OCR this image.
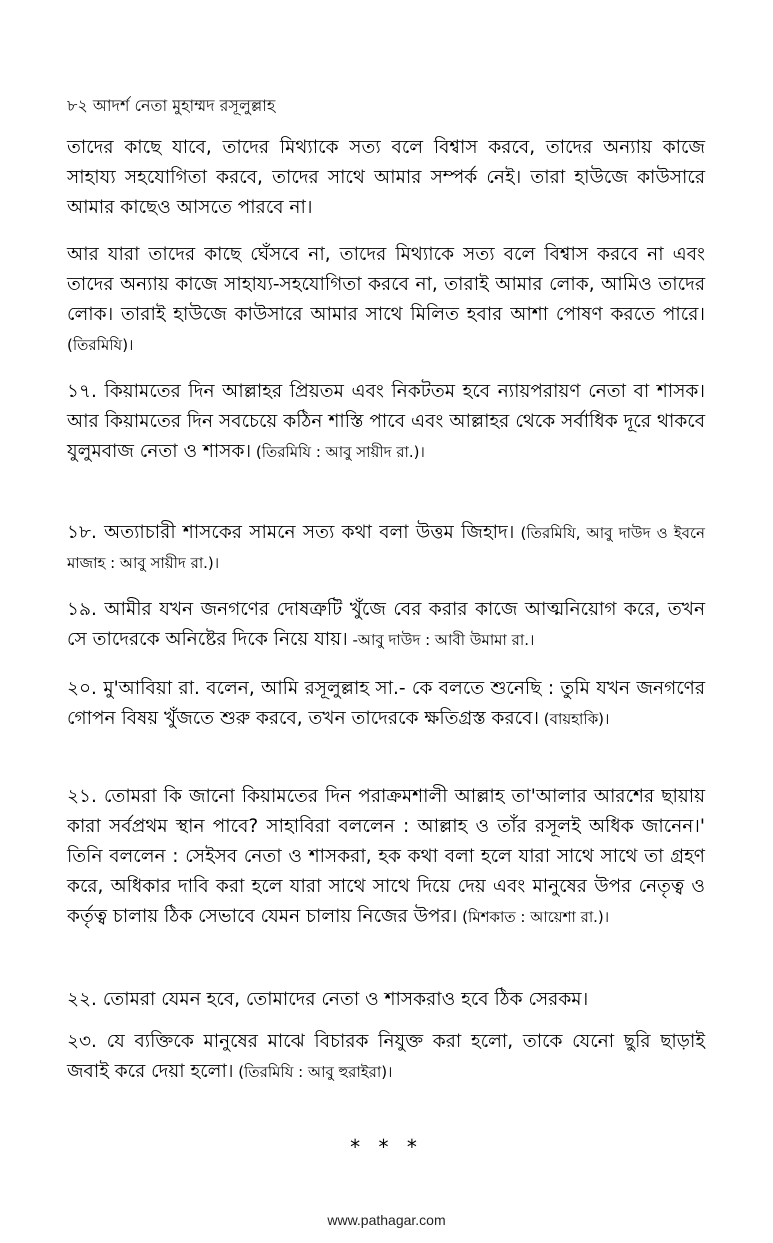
৮২ আদর্শ নেতা মুহাম্মদ রসূলুল্লাহ

তাদের কাছে যাবে, তাদের মিথ্যাকে সত্য বলে বিশ্বাস করবে, তাদের অন্যায় কাজে সাহায্য সহযোগিতা করবে, তাদের সাথে আমার সম্পর্ক নেই। তারা হাউজে কাউসারে আমার কাছেও আসতে পারবে না।

আর যারা তাদের কাছে ঘেঁসবে না, তাদের মিথ্যাকে সত্য বলে বিশ্বাস করবে না এবং তাদের অন্যায় কাজে সাহায্য-সহযোগিতা করবে না, তারাই আমার লোক, আমিও তাদের লোক। তারাই হাউজে কাউসারে আমার সাথে মিলিত হবার আশা পোষণ করতে পারে। (তিরমিযি)।

১৭. কিয়ামতের দিন আল্লাহর প্রিয়তম এবং নিকটতম হবে ন্যায়পরায়ণ নেতা বা শাসক। আর কিয়ামতের দিন সবচেয়ে কঠিন শাস্তি পাবে এবং আল্লাহর থেকে সর্বাধিক দূরে থাকবে যুলুমবাজ নেতা ও শাসক। (তিরমিযি : আবু সায়ীদ রা.)।

১৮. অত্যাচারী শাসকের সামনে সত্য কথা বলা উত্তম জিহাদ। (তিরমিযি, আবু দাউদ ও ইবনে মাজাহ : আবু সায়ীদ রা.)।

১৯. আমীর যখন জনগণের দোষত্রুটি খুঁজে বের করার কাজে আত্মনিয়োগ করে, তখন সে তাদেরকে অনিষ্টের দিকে নিয়ে যায়। -আবু দাউদ : আবী উমামা রা.।

২০. মু'আবিয়া রা. বলেন, আমি রসূলুল্লাহ সা.- কে বলতে শুনেছি : তুমি যখন জনগণের গোপন বিষয় খুঁজতে শুরু করবে, তখন তাদেরকে ক্ষতিগ্রস্ত করবে। (বায়হাকি)।

২১. তোমরা কি জানো কিয়ামতের দিন পরাক্রমশালী আল্লাহ তা'আলার আরশের ছায়ায় কারা সর্বপ্রথম স্থান পাবে? সাহাবিরা বললেন : আল্লাহ ও তাঁর রসূলই অধিক জানেন।' তিনি বললেন : সেইসব নেতা ও শাসকরা, হক কথা বলা হলে যারা সাথে সাথে তা গ্রহণ করে, অধিকার দাবি করা হলে যারা সাথে সাথে দিয়ে দেয় এবং মানুষের উপর নেতৃত্ব ও কর্তৃত্ব চালায় ঠিক সেভাবে যেমন চালায় নিজের উপর। (মিশকাত : আয়েশা রা.)।

২২. তোমরা যেমন হবে, তোমাদের নেতা ও শাসকরাও হবে ঠিক সেরকম।

২৩. যে ব্যক্তিকে মানুষের মাঝে বিচারক নিযুক্ত করা হলো, তাকে যেনো ছুরি ছাড়াই জবাই করে দেয়া হলো। (তিরমিযি : আবু হুরাইরা)।

* * *
www.pathagar.com
